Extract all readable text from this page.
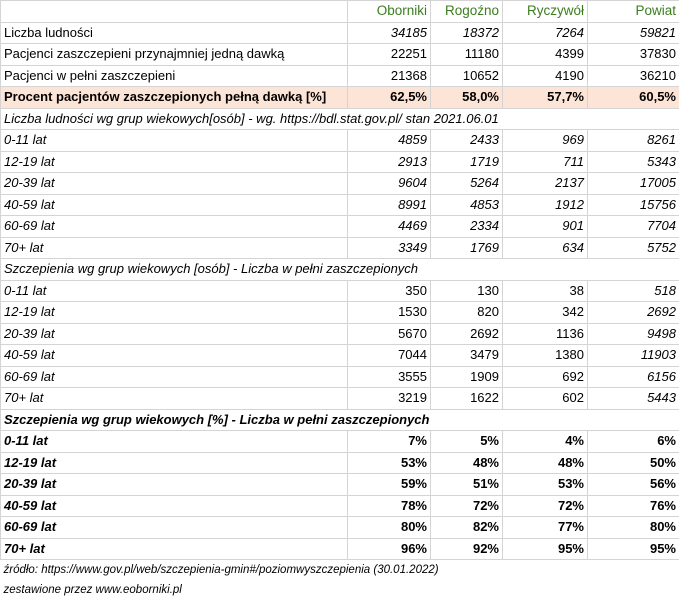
	Oborniki	Rogoźno	Ryczywół	Powiat
Liczba ludności	34185	18372	7264	59821
Pacjenci zaszczepieni przynajmniej jedną dawką	22251	11180	4399	37830
Pacjenci w pełni zaszczepieni	21368	10652	4190	36210
Procent pacjentów zaszczepionych pełną dawką [%]	62,5%	58,0%	57,7%	60,5%
Liczba ludności wg grup wiekowych[osób] - wg. https://bdl.stat.gov.pl/ stan 2021.06.01				
0-11 lat	4859	2433	969	8261
12-19 lat	2913	1719	711	5343
20-39 lat	9604	5264	2137	17005
40-59 lat	8991	4853	1912	15756
60-69 lat	4469	2334	901	7704
70+ lat	3349	1769	634	5752
Szczepienia wg grup wiekowych [osób] - Liczba w pełni zaszczepionych				
0-11 lat	350	130	38	518
12-19 lat	1530	820	342	2692
20-39 lat	5670	2692	1136	9498
40-59 lat	7044	3479	1380	11903
60-69 lat	3555	1909	692	6156
70+ lat	3219	1622	602	5443
Szczepienia wg grup wiekowych [%] - Liczba w pełni zaszczepionych				
0-11 lat	7%	5%	4%	6%
12-19 lat	53%	48%	48%	50%
20-39 lat	59%	51%	53%	56%
40-59 lat	78%	72%	72%	76%
60-69 lat	80%	82%	77%	80%
70+ lat	96%	92%	95%	95%
źródło: https://www.gov.pl/web/szczepienia-gmin#/poziomwyszczepienia (30.01.2022)				
zestawione przez www.eoborniki.pl				
